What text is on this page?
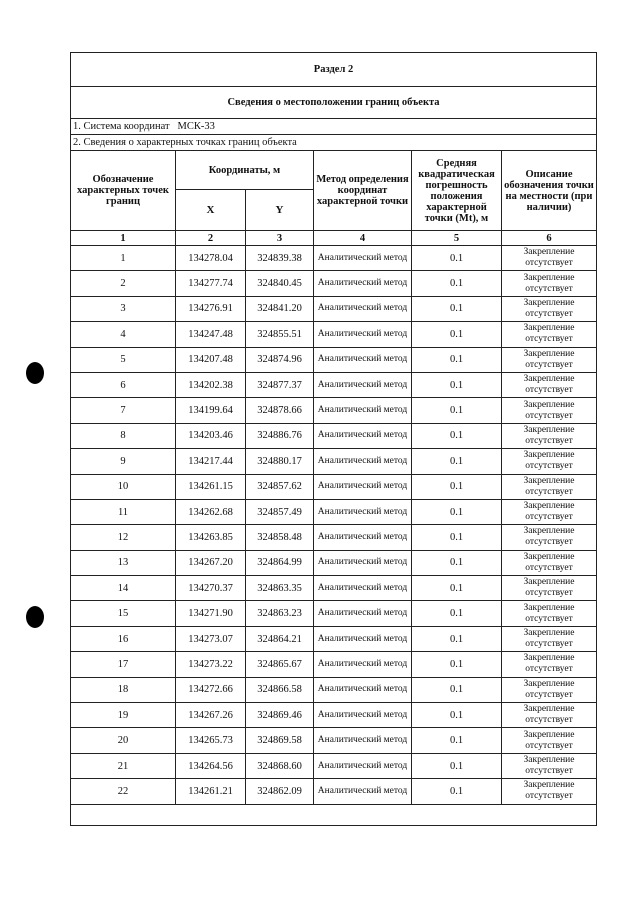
Раздел 2					
Сведения о местоположении границ объекта					
1. Система координат   МСК-33					
2. Сведения о характерных точках границ объекта					
Обозначение характерных точек границ	Координаты, м		Метод определения координат характерной точки	Средняя квадратическая погрешность положения характерной точки (Mt), м	Описание обозначения точки на местности (при наличии)
	X	Y			
1	2	3	4	5	6
1	134278.04	324839.38	Аналитический метод	0.1	Закрепление отсутствует
2	134277.74	324840.45	Аналитический метод	0.1	Закрепление отсутствует
3	134276.91	324841.20	Аналитический метод	0.1	Закрепление отсутствует
4	134247.48	324855.51	Аналитический метод	0.1	Закрепление отсутствует
5	134207.48	324874.96	Аналитический метод	0.1	Закрепление отсутствует
6	134202.38	324877.37	Аналитический метод	0.1	Закрепление отсутствует
7	134199.64	324878.66	Аналитический метод	0.1	Закрепление отсутствует
8	134203.46	324886.76	Аналитический метод	0.1	Закрепление отсутствует
9	134217.44	324880.17	Аналитический метод	0.1	Закрепление отсутствует
10	134261.15	324857.62	Аналитический метод	0.1	Закрепление отсутствует
11	134262.68	324857.49	Аналитический метод	0.1	Закрепление отсутствует
12	134263.85	324858.48	Аналитический метод	0.1	Закрепление отсутствует
13	134267.20	324864.99	Аналитический метод	0.1	Закрепление отсутствует
14	134270.37	324863.35	Аналитический метод	0.1	Закрепление отсутствует
15	134271.90	324863.23	Аналитический метод	0.1	Закрепление отсутствует
16	134273.07	324864.21	Аналитический метод	0.1	Закрепление отсутствует
17	134273.22	324865.67	Аналитический метод	0.1	Закрепление отсутствует
18	134272.66	324866.58	Аналитический метод	0.1	Закрепление отсутствует
19	134267.26	324869.46	Аналитический метод	0.1	Закрепление отсутствует
20	134265.73	324869.58	Аналитический метод	0.1	Закрепление отсутствует
21	134264.56	324868.60	Аналитический метод	0.1	Закрепление отсутствует
22	134261.21	324862.09	Аналитический метод	0.1	Закрепление отсутствует
